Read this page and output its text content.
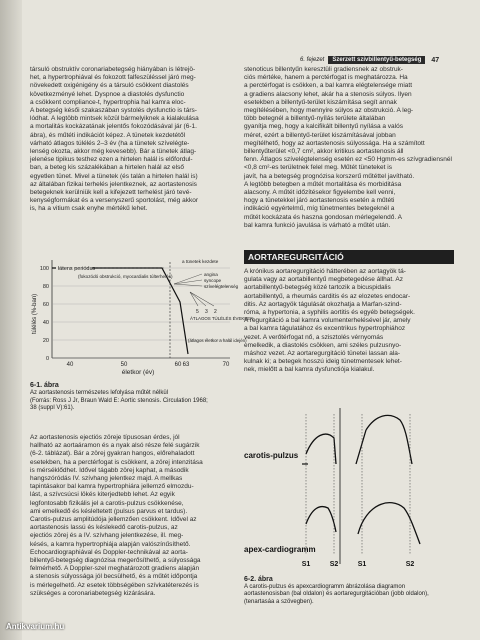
6. fejezet	Szerzett szívbillentyű-betegség	47

társuló obstruktív coronariabetegség hiányában is létrejö-

het, a hypertrophiával és fokozott falfeszüléssel járó meg-

növekedett oxigénigény és a társuló csökkent diastolés

következményé lehet. Dyspnoe a diastolés dysfunctio

a csökkent compliance-t, hypertrophia hal kamra eloc-

A betegség késői szakaszában systolés dysfunctio is társ-

lódhat. A legtöbb mintsek közül bármelyiknek a kialakulása

a mortalitás kockázatának jelentős fokozódásával jár (6-1.

ábra), és műtéti indikációt képez. A tünetek kezdetétől

várható átlagos túlélés 2–3 év (ha a tünetek szívelégte-

lenség okozta, akkor még kevesebb). Bár a tünetek átlag-

jelenése tipikus testhez ezen a hirtelen halál is előfordul-

ban, a beteg kis százalékában a hirtelen halál az első

egyetlen tünet. Mivel a tünetek (és talán a hirtelen halál is)

az általában fizikai terhelés jelentkeznek, az aortastenosis

betegeknek kerülniük kell a kifejezett terhelést járó tevé-

kenységformákat és a versenyszerű sportolást, még akkor

is, ha a vitium csak enyhe mértékű lehet.

100
80
60
40
20
0
40	50	60	70
túlélés (%-ban)
életkor (év)
látens periódus
(fokozódó obstrukció, myocardialis túlterhelés)
a tünetek kezdete
angina
syncope
szívelégtelenség
5 3 2
ÁTLAGOS TÚLÉLÉS ÉVEKBEN
(átlagos életkor a halál idején)
63
6-1. ábra
Az aortastenosis természetes lefolyása műtét nélkül
(Forrás: Ross J Jr, Braun Wald E: Aortic stenosis. Circulation 1968;
38 (suppl V):61).

Az aortastenosis ejectiós zöreje típusosan érdes, jól

hallható az aortaáramon és a nyak alsó része felé sugárzik

(6-2. táblázat). Bár a zörej gyakran hangos, előrehaladott

esetekben, ha a perctérfogat is csökkent, a zörej intenzitása

is mérséklődhet. Idővel tágabb zörej kaphat, a második

hangszóródás IV. szívhang jelentkez majd. A mellkas

tapintásakor bal kamra hypertrophiára jellemző elmozdu-

lást, a szívcsúcsi lökés kiterjedtebb lehet. Az egyik

legfontosabb fizikális jel a carotis-pulzus csökkenése,

ami emelkedő és késleltetett (pulsus parvus et tardus).

Carotis-pulzus amplitúdója jellemzően csökkent. Idővel az

aortastenosis lassú és késlekedő carotis-pulzus, az

ejectiós zörej és a IV. szívhang jelentkezése, ill. meg-

késés, a kamra hypertrophiája alapján valószínűsíthető.

Echocardiographiával és Doppler-technikával az aorta-

billentyű-betegség diagnózisa megerősíthető, a súlyossága

felmérhető. A Doppler-szel meghatározott gradiens alapján

a stenosis súlyossága jól becsülhető, és a műtét időpontja

is mérlegelhető. Az esetek többségében szívkatéterezés is

szükséges a coronariabetegség kizárására.

stenoticus billentyűn keresztüli gradiensnek az obstruk-

ciós mértéke, hanem a perctérfogat is meghatározza. Ha

a perctérfogat is csökken, a bal kamra elégtelensége miatt

a gradiens alacsony lehet, akár ha a stenosis súlyos. Ilyen

esetekben a billentyű-terület kiszámítása segít annak

megítélésében, hogy mennyire súlyos az obstrukció. A leg-

több betegnél a billentyű-nyílás területe általában

gyanítja meg, hogy a kalcifikált billentyű nyílása a valós

méret, ezért a billentyű-terület kiszámításával jobban

megítélhető, hogy az aortastenosis súlyossága. Ha a számított

billentyűterület <0,7 cm², akkor kritikus aortastenosis áll

fenn. Átlagos szívelégtelenség esetén ez <50 Hgmm-es szívgradiensnél

<0,8 cm²-es területnek felel meg. Műtét tüneteket is

javít, ha a betegség prognózisa korszerű műtéttel javítható.

A legtöbb betegben a műtét mortalitása és morbiditása

alacsony. A műtét időzítésekor figyelembe kell venni,

hogy a tünetekkel járó aortastenosis esetén a műtéti

indikáció egyértelmű, míg tünetmentes betegeknél a

műtét kockázata és haszna gondosan mérlegelendő. A

bal kamra funkció javulása is várható a műtét után.

AORTAREGURGITÁCIÓ

A krónikus aortaregurgitáció hátterében az aortagyök tá-

gulata vagy az aortabillentyű megbetegedése állhat. Az

aortabillentyű-betegség közé tartozik a bicuspidalis

aortabillentyű, a rheumás carditis és az elozetes endocar-

ditis. Az aortagyök tágulását okozhatja a Marfan-szind-

róma, a hypertonia, a syphilis aortitis és egyéb betegségek.

A regurgitáció a bal kamra volumenterhelésével jár, amely

a bal kamra tágulatához és excentrikus hypertrophiához

vezet. A verőtérfogat nő, a szisztolés vérnyomás

emelkedik, a diastolés csökken, ami széles pulzusnyo-

máshoz vezet. Az aortaregurgitáció tünetei lassan ala-

kulnak ki; a betegek hosszú ideig tünetmentesek lehet-

nek, mielőtt a bal kamra dysfunctiója kialakul.

carotis-pulzus
apex-cardiogramm
S1	S2	S1	S2
6-2. ábra
A carotis-pulzus és apexcardiogramm ábrázolása diagramon
aortastenosisban (bal oldalon) és aortaregurgitációban (jobb oldalon),
(tenartasáa a szövegben).
Antikvarium.hu
